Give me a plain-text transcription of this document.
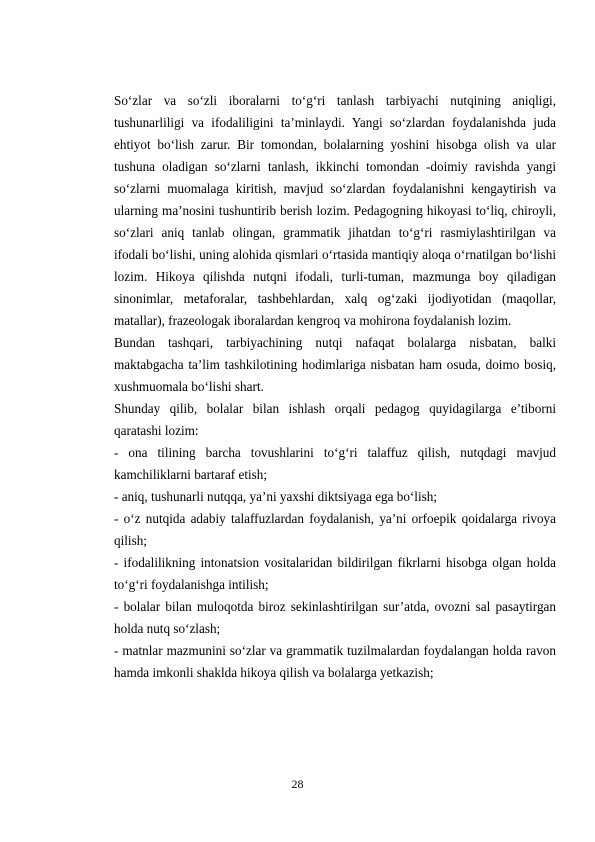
So‘zlar va so‘zli iboralarni to‘g‘ri tanlash tarbiyachi nutqining aniqligi, tushunarliligi va ifodaliligini ta’minlaydi. Yangi so‘zlardan foydalanishda juda ehtiyot bo‘lish zarur. Bir tomondan, bolalarning yoshini hisobga olish va ular tushuna oladigan so‘zlarni tanlash, ikkinchi tomondan -doimiy ravishda yangi so‘zlarni muomalaga kiritish, mavjud so‘zlardan foydalanishni kengaytirish va ularning ma’nosini tushuntirib berish lozim. Pedagogning hikoyasi to‘liq, chiroyli, so‘zlari aniq tanlab olingan, grammatik jihatdan to‘g‘ri rasmiylashtirilgan va ifodali bo‘lishi, uning alohida qismlari o‘rtasida mantiqiy aloqa o‘rnatilgan bo‘lishi lozim. Hikoya qilishda nutqni ifodali, turli-tuman, mazmunga boy qiladigan sinonimlar, metaforalar, tashbehlardan, xalq og‘zaki ijodiyotidan (maqollar, matallar), frazeologak iboralardan kengroq va mohirona foydalanish lozim.

Bundan tashqari, tarbiyachining nutqi nafaqat bolalarga nisbatan, balki maktabgacha ta’lim tashkilotining hodimlariga nisbatan ham osuda, doimo bosiq, xushmuomala bo‘lishi shart.

Shunday qilib, bolalar bilan ishlash orqali pedagog quyidagilarga e’tiborni qaratashi lozim:

- ona tilining barcha tovushlarini to‘g‘ri talaffuz qilish, nutqdagi mavjud kamchiliklarni bartaraf etish;

- aniq, tushunarli nutqqa, ya’ni yaxshi diktsiyaga ega bo‘lish;

- o‘z nutqida adabiy talaffuzlardan foydalanish, ya’ni orfoepik qoidalarga rivoya qilish;

- ifodalilikning intonatsion vositalaridan bildirilgan fikrlarni hisobga olgan holda to‘g‘ri foydalanishga intilish;

- bolalar bilan muloqotda biroz sekinlashtirilgan sur’atda, ovozni sal pasaytirgan holda nutq so‘zlash;

- matnlar mazmunini so‘zlar va grammatik tuzilmalardan foydalangan holda ravon hamda imkonli shaklda hikoya qilish va bolalarga yetkazish;

28
